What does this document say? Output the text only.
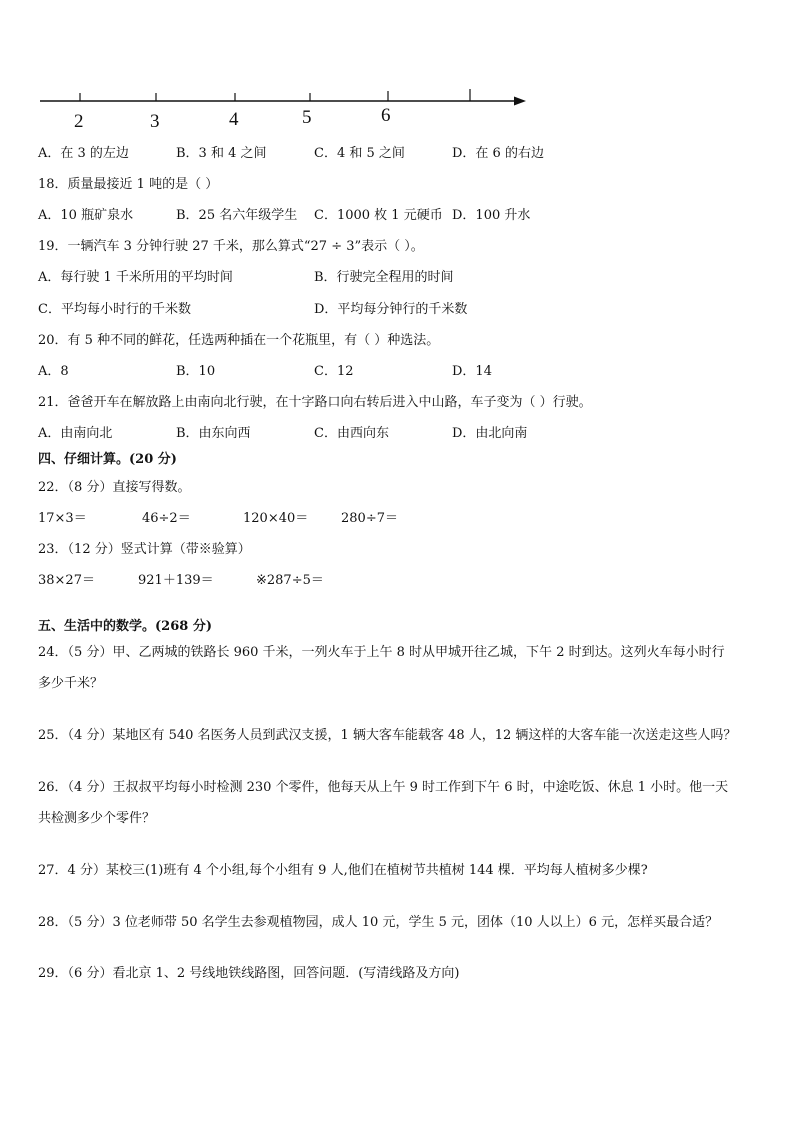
2	3	4	5	6
A．在 3 的左边	B．3 和 4 之间	C．4 和 5 之间	D．在 6 的右边
18．质量最接近 1 吨的是（ ）
A．10 瓶矿泉水	B．25 名六年级学生 C．1000 枚 1 元硬币 D．100 升水
19．一辆汽车 3 分钟行驶 27 千米，那么算式“27 ÷ 3”表示（ ）。
A．每行驶 1 千米所用的平均时间	B．行驶完全程用的时间
C．平均每小时行的千米数	D．平均每分钟行的千米数
20．有 5 种不同的鲜花，任选两种插在一个花瓶里，有（ ）种选法。
A．8	B．10	C．12	D．14
21．爸爸开车在解放路上由南向北行驶，在十字路口向右转后进入中山路，车子变为（ ）行驶。
A．由南向北	B．由东向西	C．由西向东	D．由北向南
四、仔细计算。(20 分)
22．（8 分）直接写得数。
17×3＝	46÷2＝	120×40＝	280÷7＝
23．（12 分）竖式计算（带※验算）
38×27＝	921＋139＝	※287÷5＝
五、生活中的数学。(268 分)
24．（5 分）甲、乙两城的铁路长 960 千米，一列火车于上午 8 时从甲城开往乙城，下午 2 时到达。这列火车每小时行
多少千米？
25．（4 分）某地区有 540 名医务人员到武汉支援，1 辆大客车能载客 48 人，12 辆这样的大客车能一次送走这些人吗？
26．（4 分）王叔叔平均每小时检测 230 个零件，他每天从上午 9 时工作到下午 6 时，中途吃饭、休息 1 小时。他一天
共检测多少个零件？
27．4 分）某校三(1)班有 4 个小组,每个小组有 9 人,他们在植树节共植树 144 棵．平均每人植树多少棵?
28．（5 分）3 位老师带 50 名学生去参观植物园，成人 10 元，学生 5 元，团体（10 人以上）6 元，怎样买最合适？
29．（6 分）看北京 1、2 号线地铁线路图，回答问题．(写清线路及方向)
